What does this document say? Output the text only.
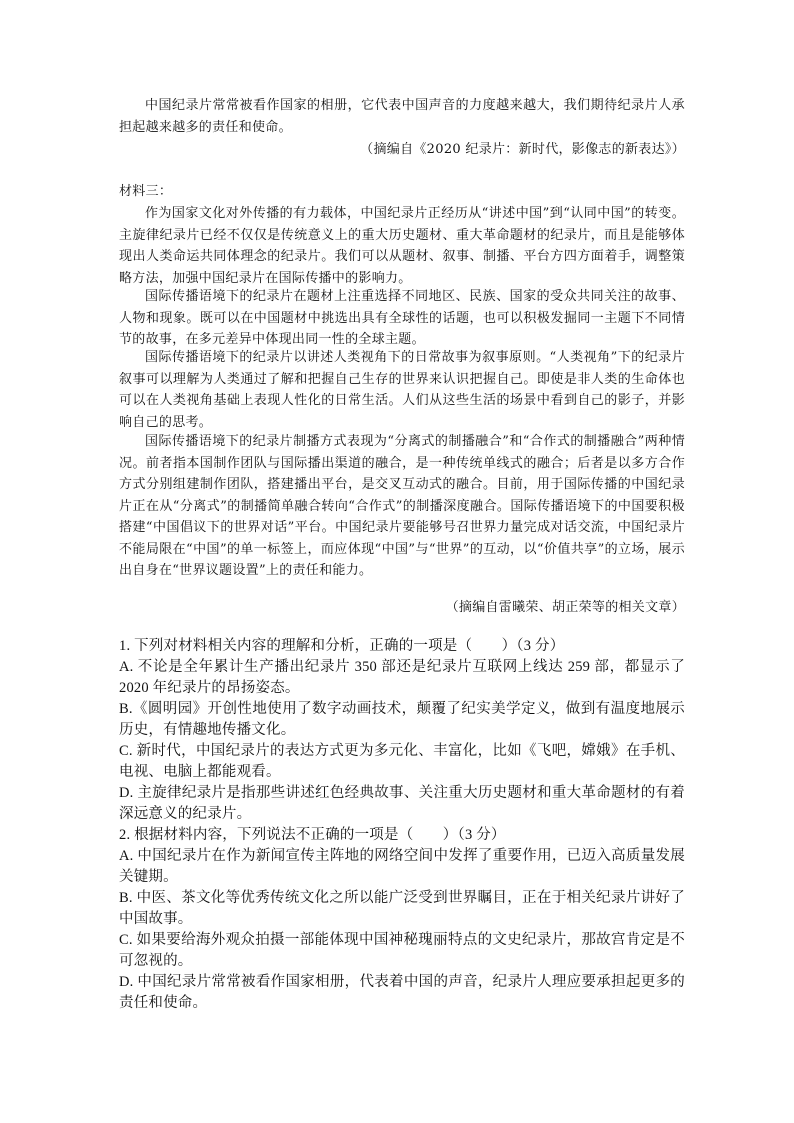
中国纪录片常常被看作国家的相册，它代表中国声音的力度越来越大，我们期待纪录片人承担起越来越多的责任和使命。

（摘编自《2020 纪录片：新时代，影像志的新表达》）

材料三：

作为国家文化对外传播的有力载体，中国纪录片正经历从“讲述中国”到“认同中国”的转变。主旋律纪录片已经不仅仅是传统意义上的重大历史题材、重大革命题材的纪录片，而且是能够体现出人类命运共同体理念的纪录片。我们可以从题材、叙事、制播、平台方四方面着手，调整策略方法，加强中国纪录片在国际传播中的影响力。

国际传播语境下的纪录片在题材上注重选择不同地区、民族、国家的受众共同关注的故事、人物和现象。既可以在中国题材中挑选出具有全球性的话题，也可以积极发掘同一主题下不同情节的故事，在多元差异中体现出同一性的全球主题。

国际传播语境下的纪录片以讲述人类视角下的日常故事为叙事原则。“人类视角”下的纪录片叙事可以理解为人类通过了解和把握自己生存的世界来认识把握自己。即使是非人类的生命体也可以在人类视角基础上表现人性化的日常生活。人们从这些生活的场景中看到自己的影子，并影响自己的思考。

国际传播语境下的纪录片制播方式表现为“分离式的制播融合”和“合作式的制播融合”两种情况。前者指本国制作团队与国际播出渠道的融合，是一种传统单线式的融合；后者是以多方合作方式分别组建制作团队，搭建播出平台，是交叉互动式的融合。目前，用于国际传播的中国纪录片正在从“分离式”的制播简单融合转向“合作式”的制播深度融合。国际传播语境下的中国要积极搭建“中国倡议下的世界对话”平台。中国纪录片要能够号召世界力量完成对话交流，中国纪录片不能局限在“中国”的单一标签上，而应体现“中国”与“世界”的互动，以“价值共享”的立场，展示出自身在“世界议题设置”上的责任和能力。

（摘编自雷曦荣、胡正荣等的相关文章）

1. 下列对材料相关内容的理解和分析，正确的一项是（　　）（3 分）

A. 不论是全年累计生产播出纪录片 350 部还是纪录片互联网上线达 259 部，都显示了 2020 年纪录片的昂扬姿态。

B.《圆明园》开创性地使用了数字动画技术，颠覆了纪实美学定义，做到有温度地展示历史，有情趣地传播文化。

C. 新时代，中国纪录片的表达方式更为多元化、丰富化，比如《飞吧，嫦娥》在手机、电视、电脑上都能观看。

D. 主旋律纪录片是指那些讲述红色经典故事、关注重大历史题材和重大革命题材的有着深远意义的纪录片。

2. 根据材料内容，下列说法不正确的一项是（　　）（3 分）

A. 中国纪录片在作为新闻宣传主阵地的网络空间中发挥了重要作用，已迈入高质量发展关键期。

B. 中医、茶文化等优秀传统文化之所以能广泛受到世界瞩目，正在于相关纪录片讲好了中国故事。

C. 如果要给海外观众拍摄一部能体现中国神秘瑰丽特点的文史纪录片，那故宫肯定是不可忽视的。

D. 中国纪录片常常被看作国家相册，代表着中国的声音，纪录片人理应要承担起更多的责任和使命。
